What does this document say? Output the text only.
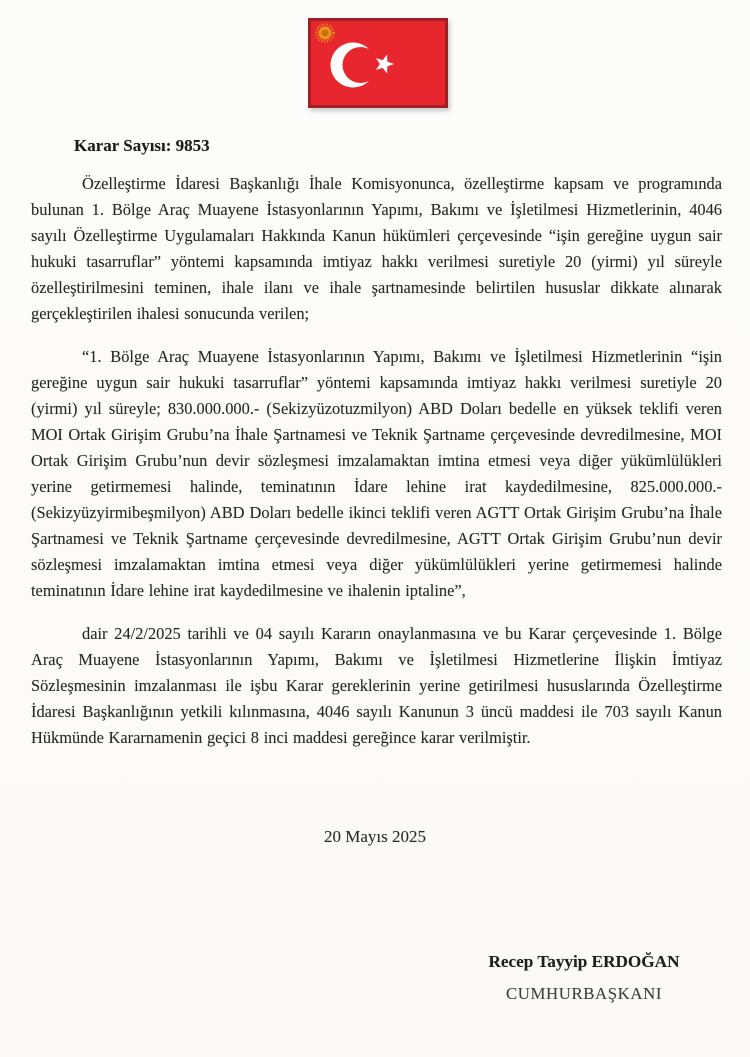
Karar Sayısı: 9853

Özelleştirme İdaresi Başkanlığı İhale Komisyonunca, özelleştirme kapsam ve programında bulunan 1. Bölge Araç Muayene İstasyonlarının Yapımı, Bakımı ve İşletilmesi Hizmetlerinin, 4046 sayılı Özelleştirme Uygulamaları Hakkında Kanun hükümleri çerçevesinde “işin gereğine uygun sair hukuki tasarruflar” yöntemi kapsamında imtiyaz hakkı verilmesi suretiyle 20 (yirmi) yıl süreyle özelleştirilmesini teminen, ihale ilanı ve ihale şartnamesinde belirtilen hususlar dikkate alınarak gerçekleştirilen ihalesi sonucunda verilen;

“1. Bölge Araç Muayene İstasyonlarının Yapımı, Bakımı ve İşletilmesi Hizmetlerinin “işin gereğine uygun sair hukuki tasarruflar” yöntemi kapsamında imtiyaz hakkı verilmesi suretiyle 20 (yirmi) yıl süreyle; 830.000.000.- (Sekizyüzotuzmilyon) ABD Doları bedelle en yüksek teklifi veren MOI Ortak Girişim Grubu’na İhale Şartnamesi ve Teknik Şartname çerçevesinde devredilmesine, MOI Ortak Girişim Grubu’nun devir sözleşmesi imzalamaktan imtina etmesi veya diğer yükümlülükleri yerine getirmemesi halinde, teminatının İdare lehine irat kaydedilmesine, 825.000.000.- (Sekizyüzyirmibeşmilyon) ABD Doları bedelle ikinci teklifi veren AGTT Ortak Girişim Grubu’na İhale Şartnamesi ve Teknik Şartname çerçevesinde devredilmesine, AGTT Ortak Girişim Grubu’nun devir sözleşmesi imzalamaktan imtina etmesi veya diğer yükümlülükleri yerine getirmemesi halinde teminatının İdare lehine irat kaydedilmesine ve ihalenin iptaline”,

dair 24/2/2025 tarihli ve 04 sayılı Kararın onaylanmasına ve bu Karar çerçevesinde 1. Bölge Araç Muayene İstasyonlarının Yapımı, Bakımı ve İşletilmesi Hizmetlerine İlişkin İmtiyaz Sözleşmesinin imzalanması ile işbu Karar gereklerinin yerine getirilmesi hususlarında Özelleştirme İdaresi Başkanlığının yetkili kılınmasına, 4046 sayılı Kanunun 3 üncü maddesi ile 703 sayılı Kanun Hükmünde Kararnamenin geçici 8 inci maddesi gereğince karar verilmiştir.

20 Mayıs 2025
Recep Tayyip ERDOĞAN
CUMHURBAŞKANI
